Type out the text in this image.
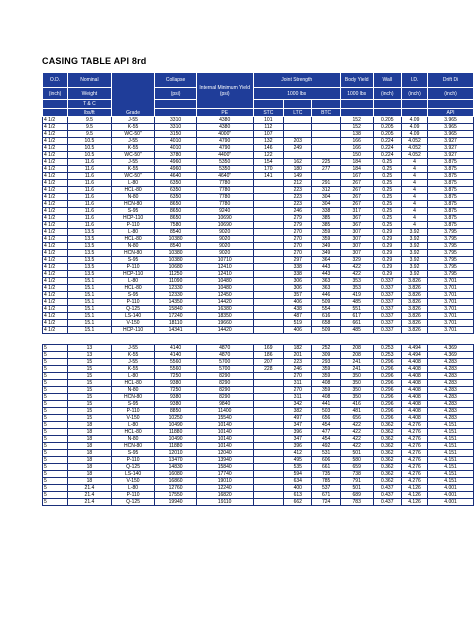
CASING TABLE API 8rd
O.D.	Nominal	Grade	Collapse	Internal Minimum Yield (psi)	Joint Strength			Body Yield	Wall	I.D.	Drift Di
(inch)	Weight		(psi)		1000 lbs			1000 lbs	(inch)	(inch)	(inch)
	T & C										
	lbs/ft			PE	STC	LTC	BTC				API
4 1/2	9.5	J-55	3310	4380	101			152	0.205	4.09	3.965
4 1/2	9.5	K-55	3310	4380	112			152	0.205	4.09	3.965
4 1/2	9.5	WC-50"	3150	4000"	107			138	0.205	4.09	3.965
4 1/2	10.5	J-55	4010	4790	132	203		166	0.224	4.052	3.927
4 1/2	10.5	K-55	4010	4790	146	249		166	0.224	4.052	3.927
4 1/2	10.5	WC-50"	3780	4400"	122			150	0.224	4.052	3.927
4 1/2	11.6	J-55	4960	5350	154	162	225	184	0.25	4	3.875
4 1/2	11.6	K-55	4960	5350	170	180	277	184	0.25	4	3.875
4 1/2	11.6	WC-50"	4640	4640"	141	149		167	0.25	4	3.875
4 1/2	11.6	L-80	6350	7780		212	291	267	0.25	4	3.875
4 1/2	11.6	HCL-80	6350	7780		223	312	267	0.25	4	3.875
4 1/2	11.6	N-80	6350	7780		223	304	267	0.25	4	3.875
4 1/2	11.6	HCN-80	8650	7780		223	304	267	0.25	4	3.875
4 1/2	11.6	S-95	8650	9240		246	338	317	0.25	4	3.875
4 1/2	11.6	HCP-110	8650	10690		279	385	367	0.25	4	3.875
4 1/2	11.6	P-110	7580	10690		279	385	367	0.25	4	3.875
4 1/2	13.5	L-80	8540	9020		270	359	307	0.29	3.92	3.795
4 1/2	13.5	HCL-80	10380	9020		270	359	307	0.29	3.92	3.795
4 1/2	13.5	N-80	8540	9020		270	349	307	0.29	3.92	3.795
4 1/2	13.5	HCN-80	10380	9020		270	349	307	0.29	3.92	3.795
4 1/2	13.5	S-95	10380	10710		297	364	329	0.29	3.92	3.795
4 1/2	13.5	P-110	10680	12410		338	443	422	0.29	3.92	3.795
4 1/2	13.5	HCP-110	11250	12410		338	443	422	0.29	3.92	3.795
4 1/2	15.1	L-80	11090	10480		306	363	353	0.337	3.826	3.701
4 1/2	15.1	HCL-80	12330	10480		306	363	353	0.337	3.826	3.701
4 1/2	15.1	S-95	12330	12450		357	446	419	0.337	3.826	3.701
4 1/2	15.1	P-110	14350	14420		406	509	485	0.337	3.826	3.701
4 1/2	15.1	Q-125	15840	16380		438	554	551	0.337	3.826	3.701
4 1/2	15.1	LS-140	17240	18350		487	616	617	0.337	3.826	3.701
4 1/2	15.1	V-150	18110	19660		519	658	661	0.337	3.826	3.701
4 1/2	15.1	HCP-110	14341	14420		406	509	485	0.337	3.826	3.701

5	13	J-55	4140	4870	169	182	252	208	0.253	4.494	4.369
5	13	K-55	4140	4870	186	201	309	208	0.253	4.494	4.369
5	15	J-55	5560	5700	207	223	293	241	0.296	4.408	4.283
5	15	K-55	5560	5700	228	246	359	241	0.296	4.408	4.283
5	15	L-80	7250	8290		270	359	350	0.296	4.408	4.283
5	15	HCL-80	9380	8290		311	408	350	0.296	4.408	4.283
5	15	N-80	7250	8290		270	359	350	0.296	4.408	4.283
5	15	HCN-80	9380	8290		311	408	350	0.296	4.408	4.283
5	15	S-95	9380	9840		342	441	416	0.296	4.408	4.283
5	15	P-110	8850	11400		382	503	481	0.296	4.408	4.283
5	15	V-150	10250	15540		497	656	656	0.296	4.408	4.283
5	18	L-80	10490	10140		347	454	422	0.362	4.276	4.151
5	18	HCL-80	11880	10140		396	477	422	0.362	4.276	4.151
5	18	N-80	10490	10140		347	454	422	0.362	4.276	4.151
5	18	HCN-80	11880	10140		396	492	422	0.362	4.276	4.151
5	18	S-95	12010	12040		412	531	501	0.362	4.276	4.151
5	18	P-110	13470	13940		495	606	580	0.362	4.276	4.151
5	18	Q-125	14830	15840		535	661	659	0.362	4.276	4.151
5	18	LS-140	16080	17740		594	735	738	0.362	4.276	4.151
5	18	V-150	16860	19010		634	785	791	0.362	4.276	4.151
5	21.4	L-80	12760	12240		400	537	501	0.437	4.126	4.001
5	21.4	P-110	17550	16820		613	671	689	0.437	4.126	4.001
5	21.4	Q-125	19940	19110		662	724	783	0.437	4.126	4.001
